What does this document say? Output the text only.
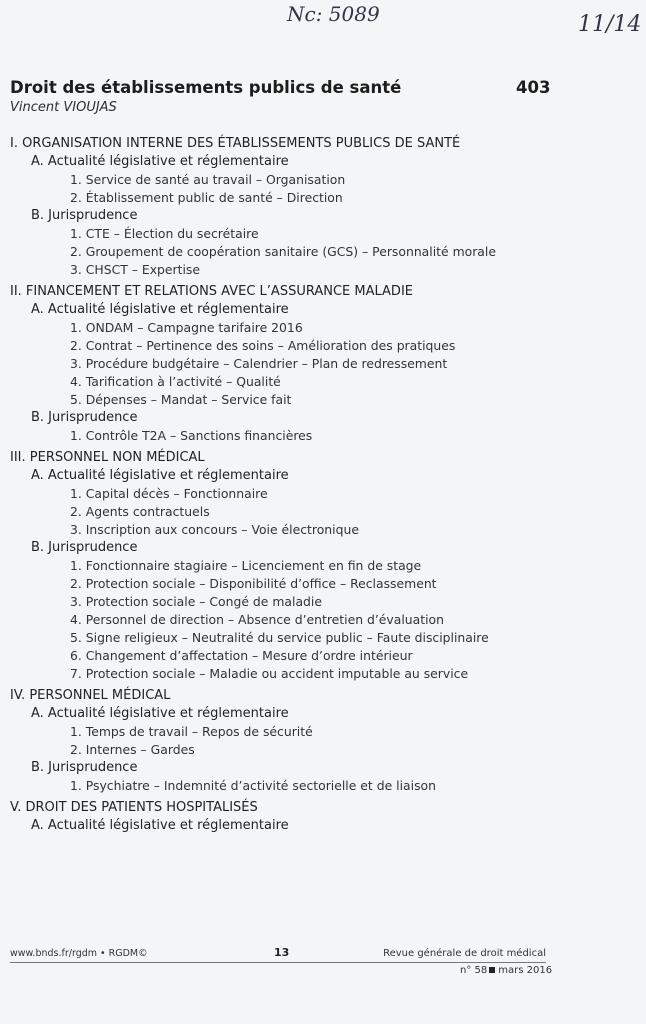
Nc: 5089	11/14
Droit des établissements publics de santé	403
Vincent VIOUJAS
I. ORGANISATION INTERNE DES ÉTABLISSEMENTS PUBLICS DE SANTÉ
A. Actualité législative et réglementaire
1. Service de santé au travail – Organisation
2. Établissement public de santé – Direction
B. Jurisprudence
1. CTE – Élection du secrétaire
2. Groupement de coopération sanitaire (GCS) – Personnalité morale
3. CHSCT – Expertise
II. FINANCEMENT ET RELATIONS AVEC L’ASSURANCE MALADIE
A. Actualité législative et réglementaire
1. ONDAM – Campagne tarifaire 2016
2. Contrat – Pertinence des soins – Amélioration des pratiques
3. Procédure budgétaire – Calendrier – Plan de redressement
4. Tarification à l’activité – Qualité
5. Dépenses – Mandat – Service fait
B. Jurisprudence
1. Contrôle T2A – Sanctions financières
III. PERSONNEL NON MÉDICAL
A. Actualité législative et réglementaire
1. Capital décès – Fonctionnaire
2. Agents contractuels
3. Inscription aux concours – Voie électronique
B. Jurisprudence
1. Fonctionnaire stagiaire – Licenciement en fin de stage
2. Protection sociale – Disponibilité d’office – Reclassement
3. Protection sociale – Congé de maladie
4. Personnel de direction – Absence d’entretien d’évaluation
5. Signe religieux – Neutralité du service public – Faute disciplinaire
6. Changement d’affectation – Mesure d’ordre intérieur
7. Protection sociale – Maladie ou accident imputable au service
IV. PERSONNEL MÉDICAL
A. Actualité législative et réglementaire
1. Temps de travail – Repos de sécurité
2. Internes – Gardes
B. Jurisprudence
1. Psychiatre – Indemnité d’activité sectorielle et de liaison
V. DROIT DES PATIENTS HOSPITALISÉS
A. Actualité législative et réglementaire
www.bnds.fr/rgdm • RGDM©	13	Revue générale de droit médical
n° 58 mars 2016
